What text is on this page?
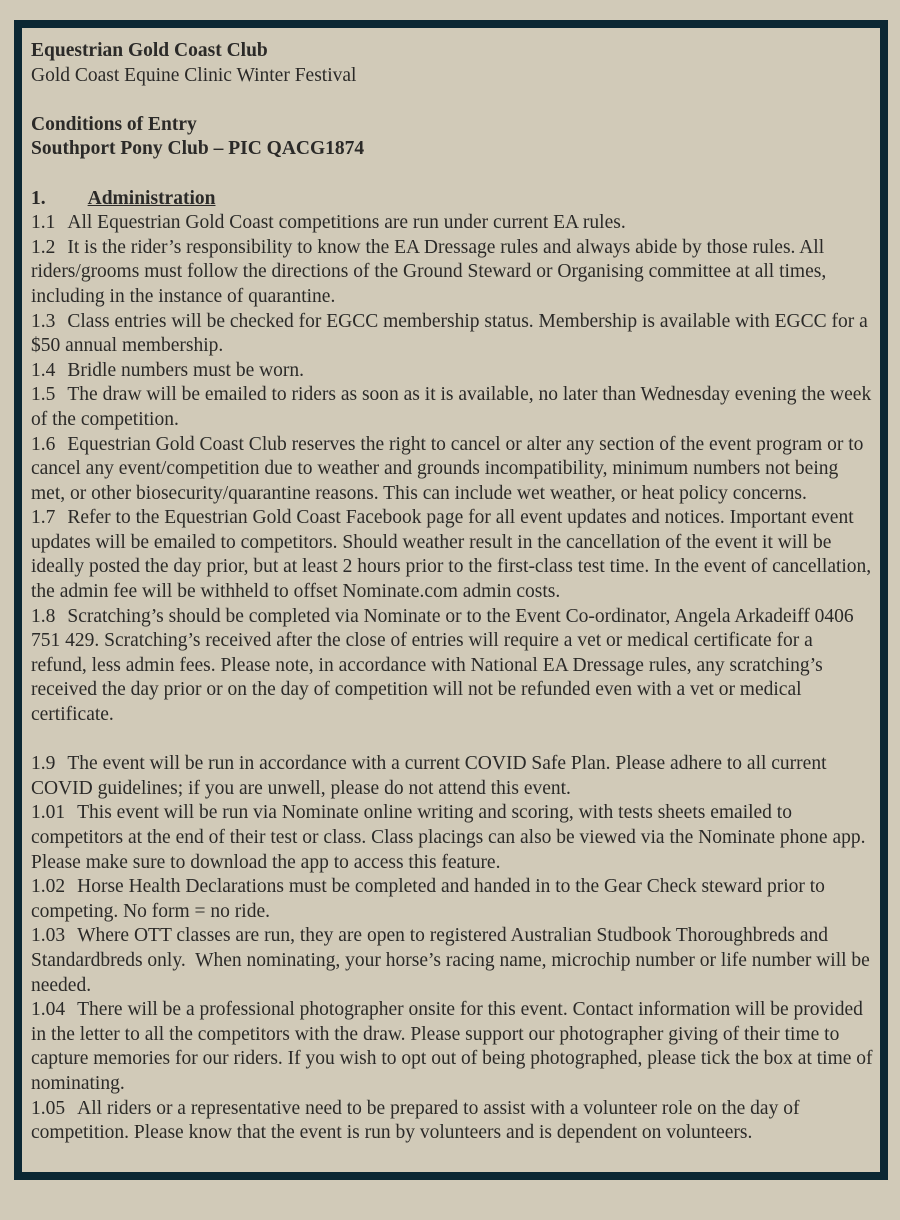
Equestrian Gold Coast Club

Gold Coast Equine Clinic Winter Festival

Conditions of Entry

Southport Pony Club – PIC QACG1874

1. Administration

1.1 All Equestrian Gold Coast competitions are run under current EA rules.

1.2 It is the rider’s responsibility to know the EA Dressage rules and always abide by those rules. All riders/grooms must follow the directions of the Ground Steward or Organising committee at all times, including in the instance of quarantine.

1.3 Class entries will be checked for EGCC membership status. Membership is available with EGCC for a $50 annual membership.

1.4 Bridle numbers must be worn.

1.5 The draw will be emailed to riders as soon as it is available, no later than Wednesday evening the week of the competition.

1.6 Equestrian Gold Coast Club reserves the right to cancel or alter any section of the event program or to cancel any event/competition due to weather and grounds incompatibility, minimum numbers not being met, or other biosecurity/quarantine reasons. This can include wet weather, or heat policy concerns.

1.7 Refer to the Equestrian Gold Coast Facebook page for all event updates and notices. Important event updates will be emailed to competitors. Should weather result in the cancellation of the event it will be ideally posted the day prior, but at least 2 hours prior to the first-class test time. In the event of cancellation, the admin fee will be withheld to offset Nominate.com admin costs.

1.8 Scratching’s should be completed via Nominate or to the Event Co-ordinator, Angela Arkadeiff 0406 751 429. Scratching’s received after the close of entries will require a vet or medical certificate for a refund, less admin fees. Please note, in accordance with National EA Dressage rules, any scratching’s received the day prior or on the day of competition will not be refunded even with a vet or medical certificate.

1.9 The event will be run in accordance with a current COVID Safe Plan. Please adhere to all current COVID guidelines; if you are unwell, please do not attend this event.

1.01 This event will be run via Nominate online writing and scoring, with tests sheets emailed to competitors at the end of their test or class. Class placings can also be viewed via the Nominate phone app. Please make sure to download the app to access this feature.

1.02 Horse Health Declarations must be completed and handed in to the Gear Check steward prior to competing. No form = no ride.

1.03 Where OTT classes are run, they are open to registered Australian Studbook Thoroughbreds and Standardbreds only.  When nominating, your horse’s racing name, microchip number or life number will be needed.

1.04 There will be a professional photographer onsite for this event. Contact information will be provided in the letter to all the competitors with the draw. Please support our photographer giving of their time to capture memories for our riders. If you wish to opt out of being photographed, please tick the box at time of nominating.

1.05 All riders or a representative need to be prepared to assist with a volunteer role on the day of competition. Please know that the event is run by volunteers and is dependent on volunteers.
